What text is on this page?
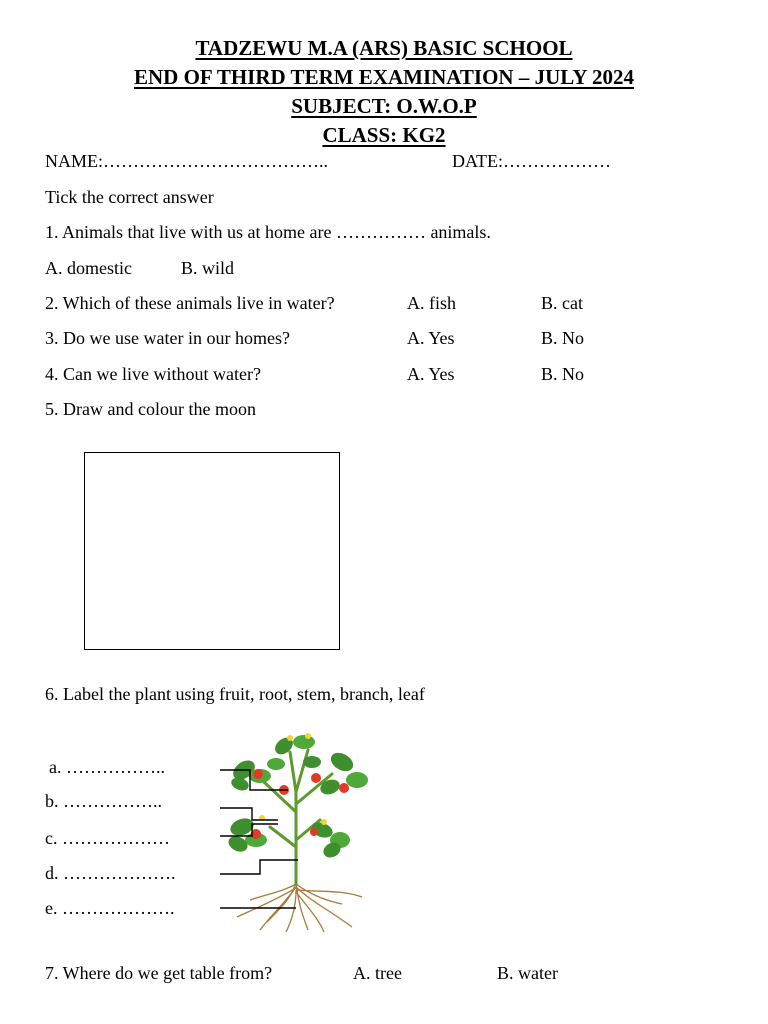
TADZEWU M.A (ARS) BASIC SCHOOL
END OF THIRD TERM EXAMINATION – JULY 2024
SUBJECT: O.W.O.P
CLASS: KG2
NAME:………………………………..	DATE:………………
Tick the correct answer
1. Animals that live with us at home are …………… animals.
A. domestic	B. wild
2. Which of these animals live in water?	A. fish	B. cat
3. Do we use water in our homes?	A. Yes	B. No
4. Can we live without water?	A. Yes	B. No
5. Draw and colour the moon
6. Label the plant using fruit, root, stem, branch, leaf
a. ……………..
b. ……………..
c. ………………
d. ……………….
e. ……………….
7. Where do we get table from?	A. tree	B. water
